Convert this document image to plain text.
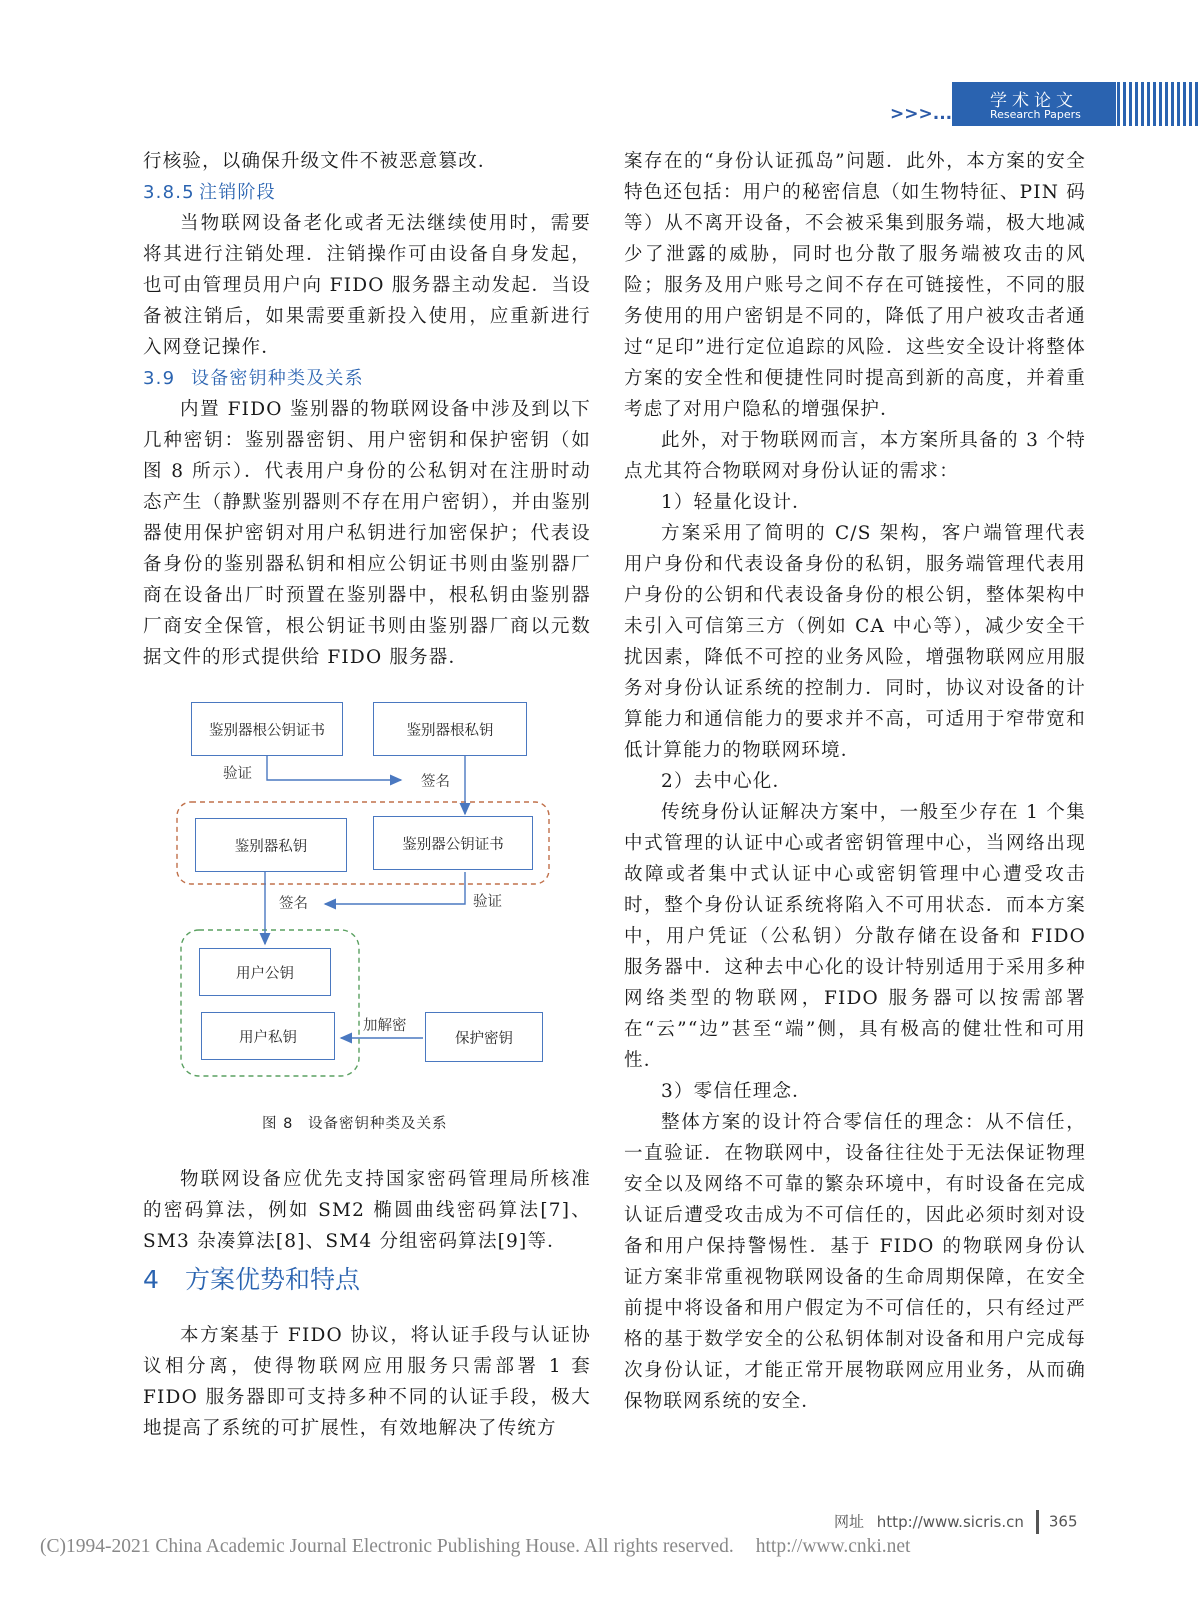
>>>...
学术论文
Research Papers

行核验，以确保升级文件不被恶意篡改．

3.8.5 注销阶段

当物联网设备老化或者无法继续使用时，需要将其进行注销处理．注销操作可由设备自身发起，也可由管理员用户向 FIDO 服务器主动发起．当设备被注销后，如果需要重新投入使用，应重新进行入网登记操作．

3.9 设备密钥种类及关系

内置 FIDO 鉴别器的物联网设备中涉及到以下几种密钥：鉴别器密钥、用户密钥和保护密钥（如图 8 所示）．代表用户身份的公私钥对在注册时动态产生（静默鉴别器则不存在用户密钥），并由鉴别器使用保护密钥对用户私钥进行加密保护；代表设备身份的鉴别器私钥和相应公钥证书则由鉴别器厂商在设备出厂时预置在鉴别器中，根私钥由鉴别器厂商安全保管，根公钥证书则由鉴别器厂商以元数据文件的形式提供给 FIDO 服务器．

鉴别器根公钥证书	鉴别器根私钥
鉴别器私钥	鉴别器公钥证书
用户公钥
用户私钥	保护密钥
验证	签名
签名	验证
加解密
图 8 设备密钥种类及关系

物联网设备应优先支持国家密码管理局所核准的密码算法，例如 SM2 椭圆曲线密码算法[7]、SM3 杂凑算法[8]、SM4 分组密码算法[9]等．

4 方案优势和特点

本方案基于 FIDO 协议，将认证手段与认证协议相分离，使得物联网应用服务只需部署 1 套 FIDO 服务器即可支持多种不同的认证手段，极大地提高了系统的可扩展性，有效地解决了传统方

案存在的“身份认证孤岛”问题．此外，本方案的安全特色还包括：用户的秘密信息（如生物特征、PIN 码等）从不离开设备，不会被采集到服务端，极大地减少了泄露的威胁，同时也分散了服务端被攻击的风险；服务及用户账号之间不存在可链接性，不同的服务使用的用户密钥是不同的，降低了用户被攻击者通过“足印”进行定位追踪的风险．这些安全设计将整体方案的安全性和便捷性同时提高到新的高度，并着重考虑了对用户隐私的增强保护．

此外，对于物联网而言，本方案所具备的 3 个特点尤其符合物联网对身份认证的需求：

1）轻量化设计．

方案采用了简明的 C/S 架构，客户端管理代表用户身份和代表设备身份的私钥，服务端管理代表用户身份的公钥和代表设备身份的根公钥，整体架构中未引入可信第三方（例如 CA 中心等），减少安全干扰因素，降低不可控的业务风险，增强物联网应用服务对身份认证系统的控制力．同时，协议对设备的计算能力和通信能力的要求并不高，可适用于窄带宽和低计算能力的物联网环境．

2）去中心化．

传统身份认证解决方案中，一般至少存在 1 个集中式管理的认证中心或者密钥管理中心，当网络出现故障或者集中式认证中心或密钥管理中心遭受攻击时，整个身份认证系统将陷入不可用状态．而本方案中，用户凭证（公私钥）分散存储在设备和 FIDO 服务器中．这种去中心化的设计特别适用于采用多种网络类型的物联网，FIDO 服务器可以按需部署在“云”“边”甚至“端”侧，具有极高的健壮性和可用性．

3）零信任理念．

整体方案的设计符合零信任的理念：从不信任，一直验证．在物联网中，设备往往处于无法保证物理安全以及网络不可靠的繁杂环境中，有时设备在完成认证后遭受攻击成为不可信任的，因此必须时刻对设备和用户保持警惕性．基于 FIDO 的物联网身份认证方案非常重视物联网设备的生命周期保障，在安全前提中将设备和用户假定为不可信任的，只有经过严格的基于数学安全的公私钥体制对设备和用户完成每次身份认证，才能正常开展物联网应用业务，从而确保物联网系统的安全．

网址 http://www.sicris.cn 365
(C)1994-2021 China Academic Journal Electronic Publishing House. All rights reserved. http://www.cnki.net
